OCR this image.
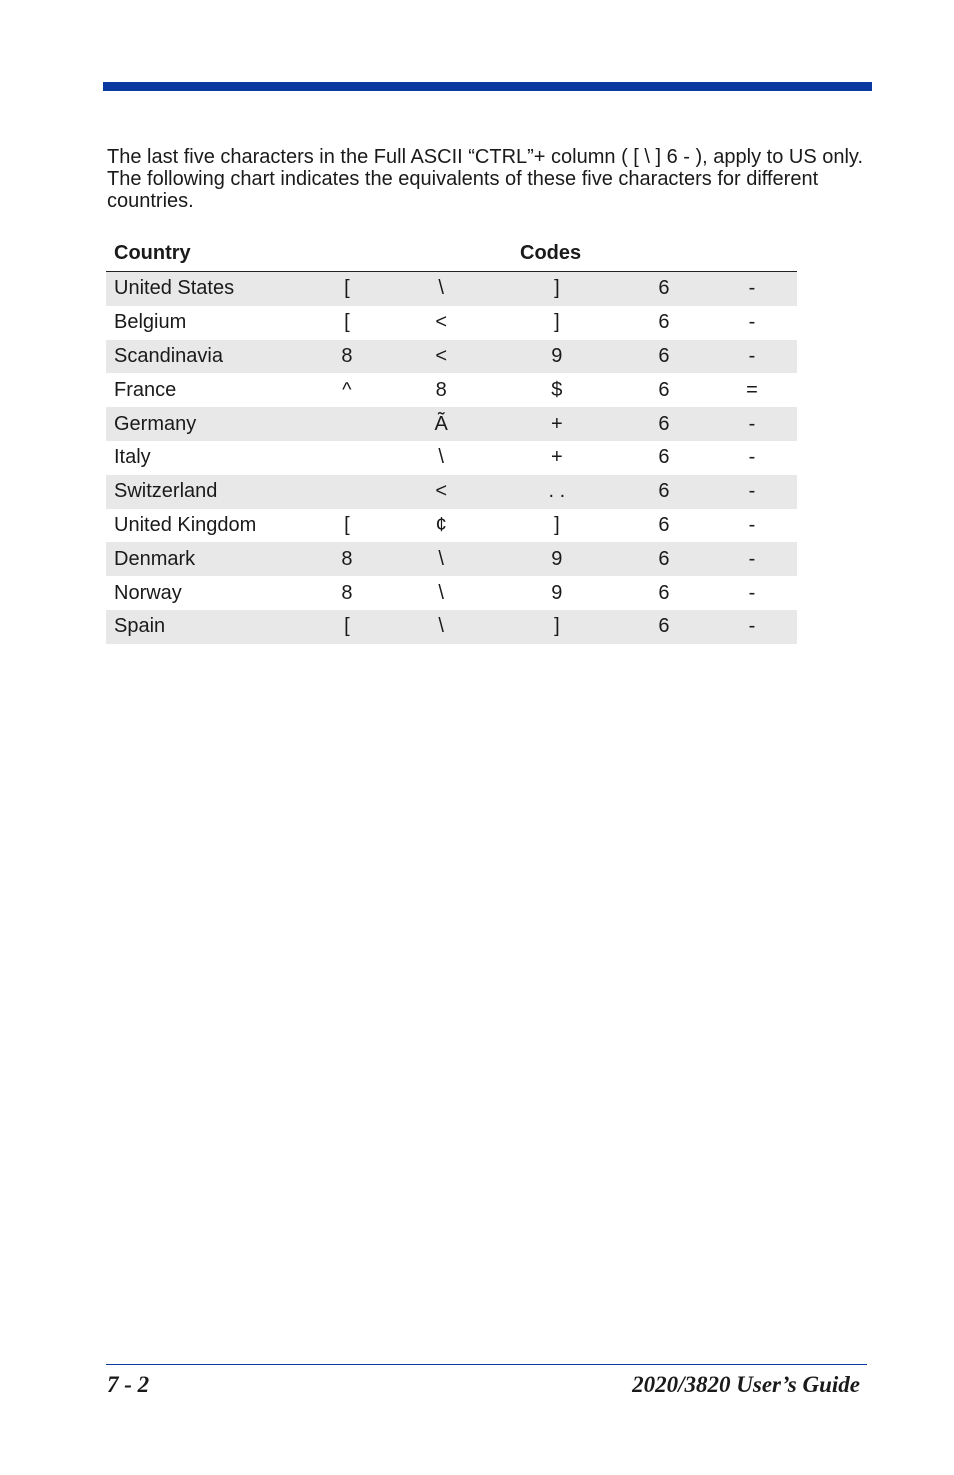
The last five characters in the Full ASCII “CTRL”+ column ( [ \ ] 6 - ), apply to US only. The following chart indicates the equivalents of these five characters for different countries.

Country	Codes				
United States	[	\	]	6	-
Belgium	[	<	]	6	-
Scandinavia	8	<	9	6	-
France	^	8	$	6	=
Germany		Ã	+	6	-
Italy		\	+	6	-
Switzerland		<	. .	6	-
United Kingdom	[	¢	]	6	-
Denmark	8	\	9	6	-
Norway	8	\	9	6	-
Spain	[	\	]	6	-
7 - 2	2020/3820 User’s Guide
